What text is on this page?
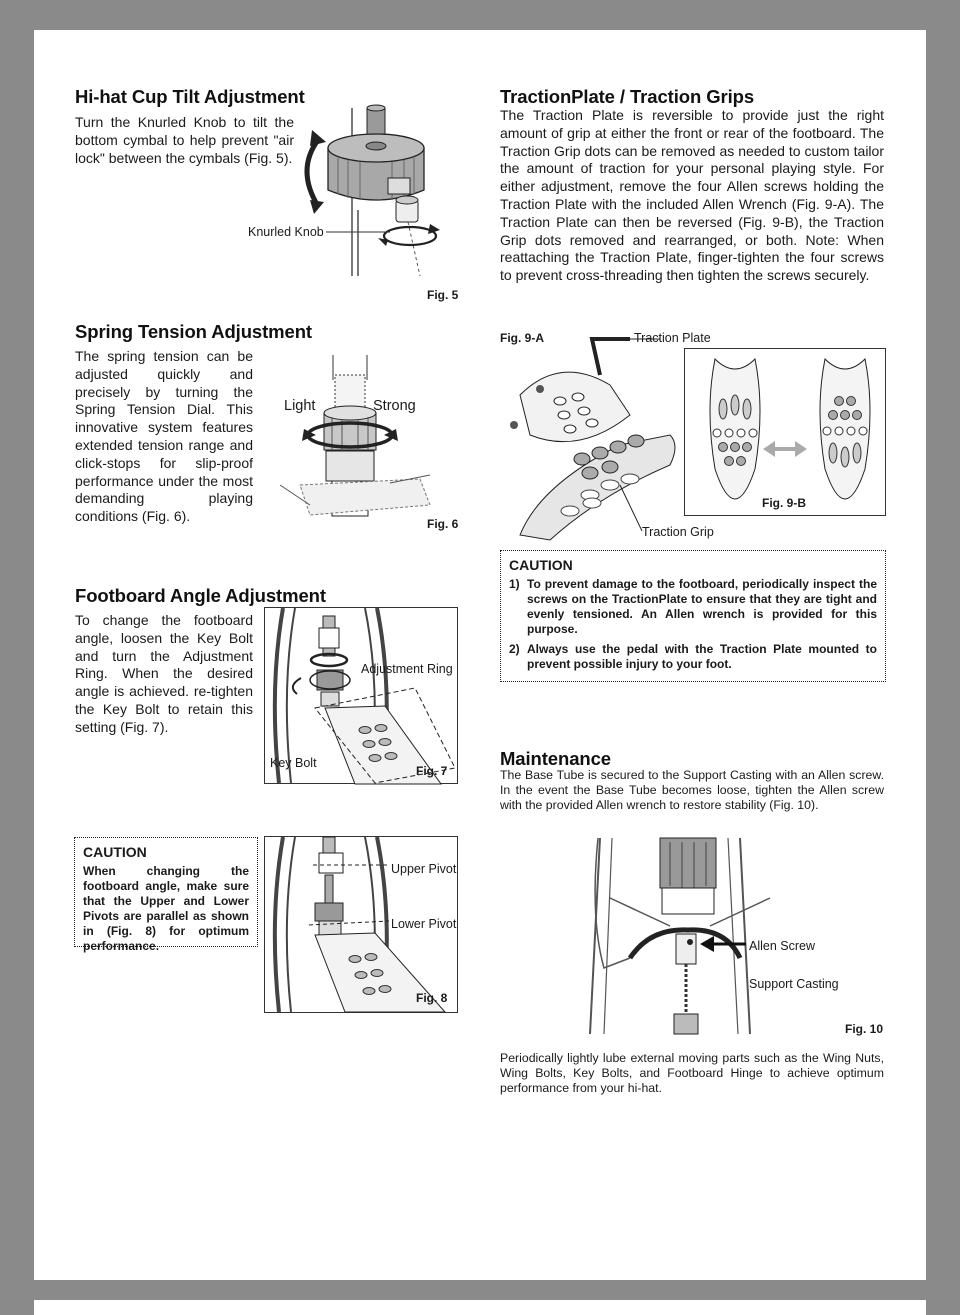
Hi-hat Cup Tilt Adjustment

Turn the Knurled Knob to tilt the bottom cymbal to help prevent "air lock" between the cymbals (Fig. 5).

Knurled Knob
Fig. 5
Spring Tension Adjustment

The spring tension can be adjusted quickly and precisely by turning the Spring Tension Dial. This innovative system features extended tension range and click-stops for slip-proof performance under the most demanding playing conditions (Fig. 6).

Light	Strong
Fig. 6
Footboard Angle Adjustment

To change the footboard angle, loosen the Key Bolt and turn the Adjustment Ring. When the desired angle is achieved. re-tighten the Key Bolt to retain this setting (Fig. 7).

Adjustment Ring
Key Bolt
Fig. 7
CAUTION
When changing the footboard angle, make sure that the Upper and Lower Pivots are parallel as shown in (Fig. 8) for optimum performance.
Upper Pivot
Lower Pivot
Fig. 8
TractionPlate / Traction Grips

The Traction Plate is reversible to provide just the right amount of grip at either the front or rear of the footboard. The Traction Grip dots can be removed as needed to custom tailor the amount of traction for your personal playing style. For either adjustment, remove the four Allen screws holding the Traction Plate with the included Allen Wrench (Fig. 9-A). The Traction Plate can then be reversed (Fig. 9-B), the Traction Grip dots removed and rearranged, or both. Note: When reattaching the Traction Plate, finger-tighten the four screws to prevent cross-threading then tighten the screws securely.

Fig. 9-A	Traction Plate
Fig. 9-B
Traction Grip
CAUTION
1) To prevent damage to the footboard, periodically inspect the screws on the TractionPlate to ensure that they are tight and evenly tensioned. An Allen wrench is provided for this purpose.
2) Always use the pedal with the Traction Plate mounted to prevent possible injury to your foot.
Maintenance

The Base Tube is secured to the Support Casting with an Allen screw. In the event the Base Tube becomes loose, tighten the Allen screw with the provided Allen wrench to restore stability (Fig. 10).

Allen Screw
Support Casting
Fig. 10

Periodically lightly lube external moving parts such as the Wing Nuts, Wing Bolts, Key Bolts, and Footboard Hinge to achieve optimum performance from your hi-hat.
